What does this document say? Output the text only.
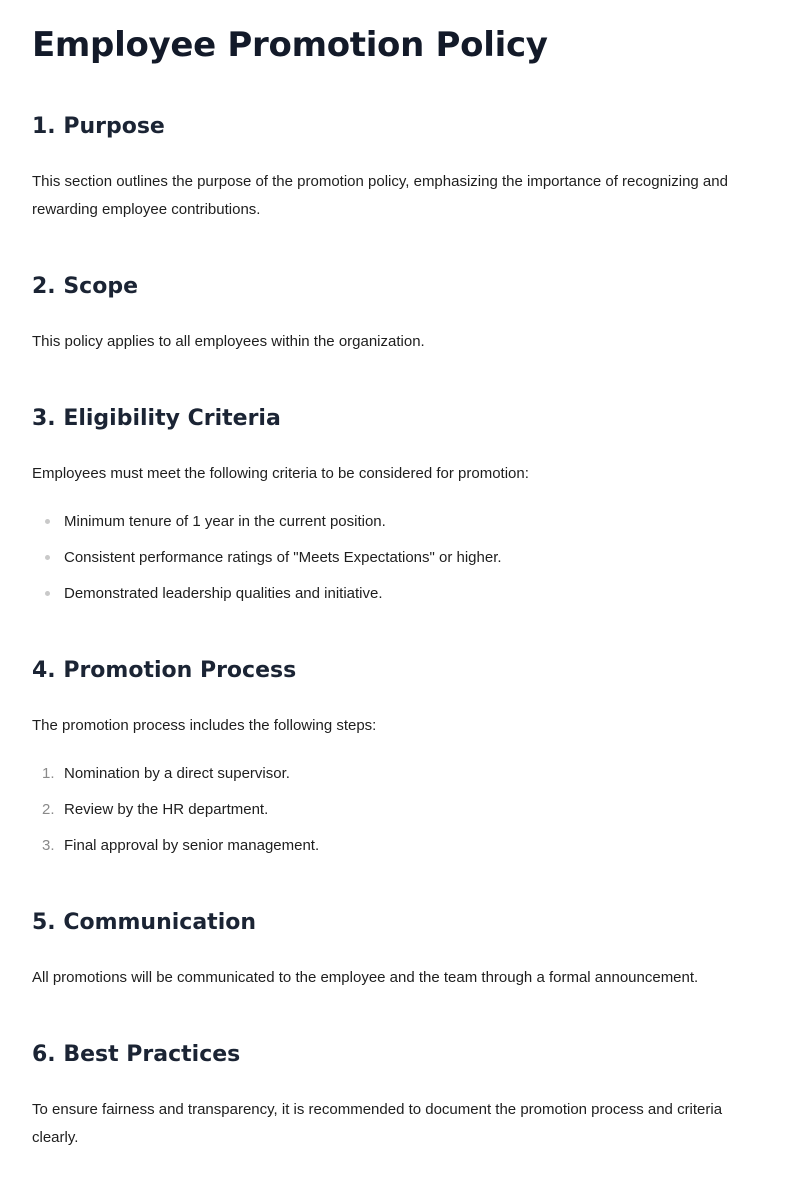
Employee Promotion Policy
1. Purpose

This section outlines the purpose of the promotion policy, emphasizing the importance of recognizing and rewarding employee contributions.

2. Scope

This policy applies to all employees within the organization.

3. Eligibility Criteria

Employees must meet the following criteria to be considered for promotion:

Minimum tenure of 1 year in the current position.
Consistent performance ratings of "Meets Expectations" or higher.
Demonstrated leadership qualities and initiative.
4. Promotion Process

The promotion process includes the following steps:

1. Nomination by a direct supervisor.
2. Review by the HR department.
3. Final approval by senior management.
5. Communication

All promotions will be communicated to the employee and the team through a formal announcement.

6. Best Practices

To ensure fairness and transparency, it is recommended to document the promotion process and criteria clearly.
